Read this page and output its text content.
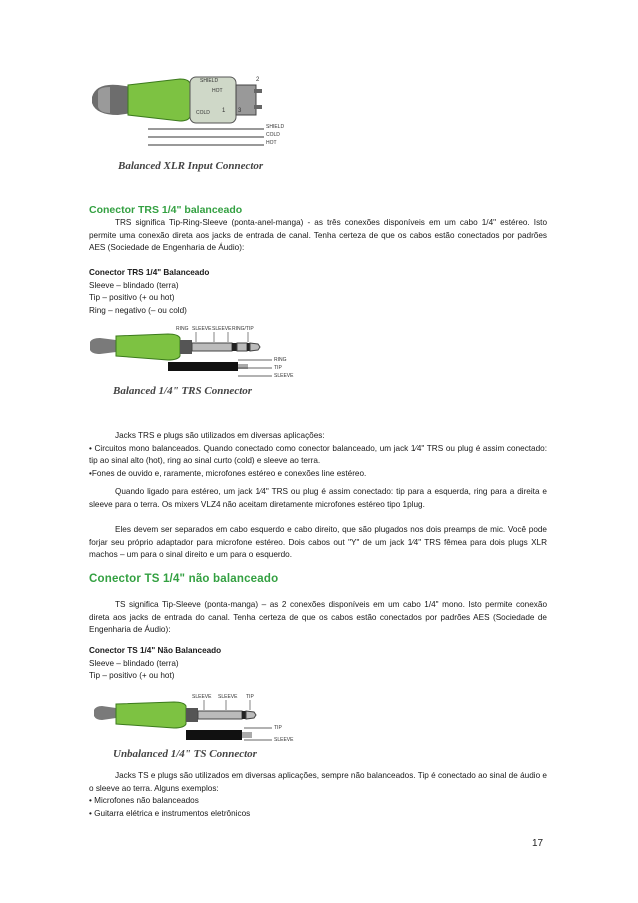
SHIELD
HOT
COLD
2
1 3
SHIELD
COLD
HOT
Balanced XLR Input Connector
Conector TRS 1/4" balanceado

TRS significa Tip-Ring-Sleeve (ponta-anel-manga) - as três conexões disponíveis em um cabo 1/4" estéreo. Isto permite uma conexão direta aos jacks de entrada de canal. Tenha certeza de que os cabos estão conectados por padrões AES (Sociedade de Engenharia de Áudio):

Conector TRS 1/4" Balanceado

Sleeve – blindado (terra)

Tip – positivo (+ ou hot)

Ring – negativo (– ou cold)

RING SLEEVE SLEEVE RING/TIP
RING
TIP
SLEEVE
Balanced 1/4" TRS Connector

Jacks TRS e plugs são utilizados em diversas aplicações:

• Circuitos mono balanceados. Quando conectado como conector balanceado, um jack 1⁄4" TRS ou plug é assim conectado: tip ao sinal alto (hot), ring ao sinal curto (cold) e sleeve ao terra.

•Fones de ouvido e, raramente, microfones estéreo e conexões line estéreo.

Quando ligado para estéreo, um jack 1⁄4" TRS ou plug é assim conectado: tip para a esquerda, ring para a direita e sleeve para o terra. Os mixers VLZ4 não aceitam diretamente microfones estéreo tipo 1plug.

Eles devem ser separados em cabo esquerdo e cabo direito, que são plugados nos dois preamps de mic. Você pode forjar seu próprio adaptador para microfone estéreo. Dois cabos out "Y" de um jack 1⁄4" TRS fêmea para dois plugs XLR machos – um para o sinal direito e um para o esquerdo.

Conector TS 1/4" não balanceado

TS significa Tip-Sleeve (ponta-manga) – as 2 conexões disponíveis em um cabo 1/4" mono. Isto permite conexão direta aos jacks de entrada do canal. Tenha certeza de que os cabos estão conectados por padrões AES (Sociedade de Engenharia de Áudio):

Conector TS 1/4" Não Balanceado

Sleeve – blindado (terra)

Tip – positivo (+ ou hot)

SLEEVE SLEEVE TIP
TIP
SLEEVE
Unbalanced 1/4" TS Connector

Jacks TS e plugs são utilizados em diversas aplicações, sempre não balanceados. Tip é conectado ao sinal de áudio e o sleeve ao terra. Alguns exemplos:

• Microfones não balanceados

• Guitarra elétrica e instrumentos eletrônicos

17
